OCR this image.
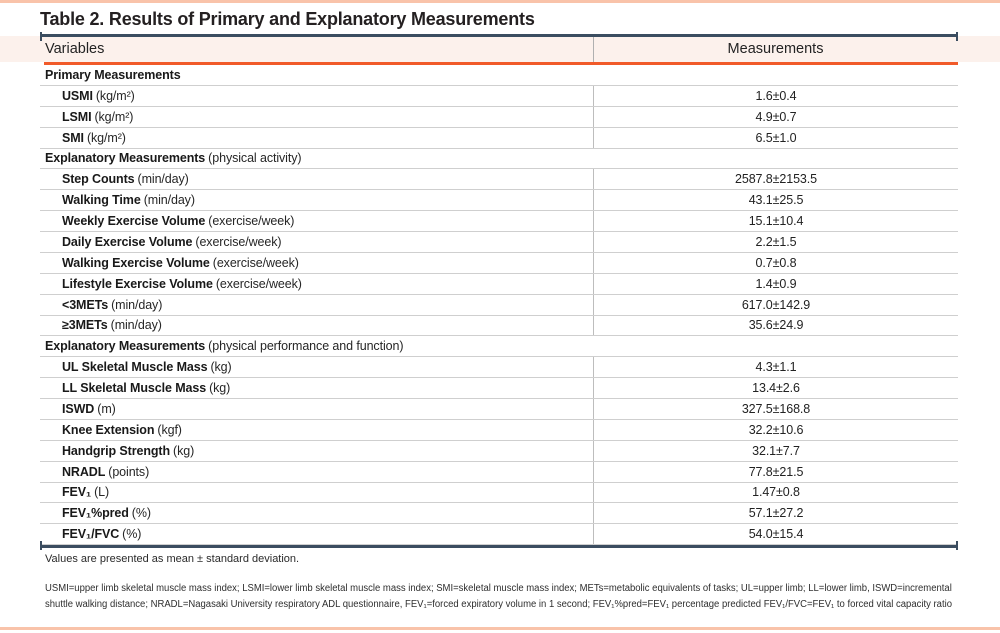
Table 2. Results of Primary and Explanatory Measurements
Variables	Measurements
Primary Measurements
USMI (kg/m²)	1.6±0.4
LSMI (kg/m²)	4.9±0.7
SMI (kg/m²)	6.5±1.0
Explanatory Measurements (physical activity)
Step Counts (min/day)	2587.8±2153.5
Walking Time (min/day)	43.1±25.5
Weekly Exercise Volume (exercise/week)	15.1±10.4
Daily Exercise Volume (exercise/week)	2.2±1.5
Walking Exercise Volume (exercise/week)	0.7±0.8
Lifestyle Exercise Volume (exercise/week)	1.4±0.9
<3METs (min/day)	617.0±142.9
≥3METs (min/day)	35.6±24.9
Explanatory Measurements (physical performance and function)
UL Skeletal Muscle Mass (kg)	4.3±1.1
LL Skeletal Muscle Mass (kg)	13.4±2.6
ISWD (m)	327.5±168.8
Knee Extension (kgf)	32.2±10.6
Handgrip Strength (kg)	32.1±7.7
NRADL (points)	77.8±21.5
FEV₁ (L)	1.47±0.8
FEV₁%pred (%)	57.1±27.2
FEV₁/FVC (%)	54.0±15.4
Values are presented as mean ± standard deviation.
USMI=upper limb skeletal muscle mass index; LSMI=lower limb skeletal muscle mass index; SMI=skeletal muscle mass index; METs=metabolic equivalents of tasks; UL=upper limb; LL=lower limb, ISWD=incremental
shuttle walking distance; NRADL=Nagasaki University respiratory ADL questionnaire, FEV₁=forced expiratory volume in 1 second; FEV₁%pred=FEV₁ percentage predicted FEV₁/FVC=FEV₁ to forced vital capacity ratio
